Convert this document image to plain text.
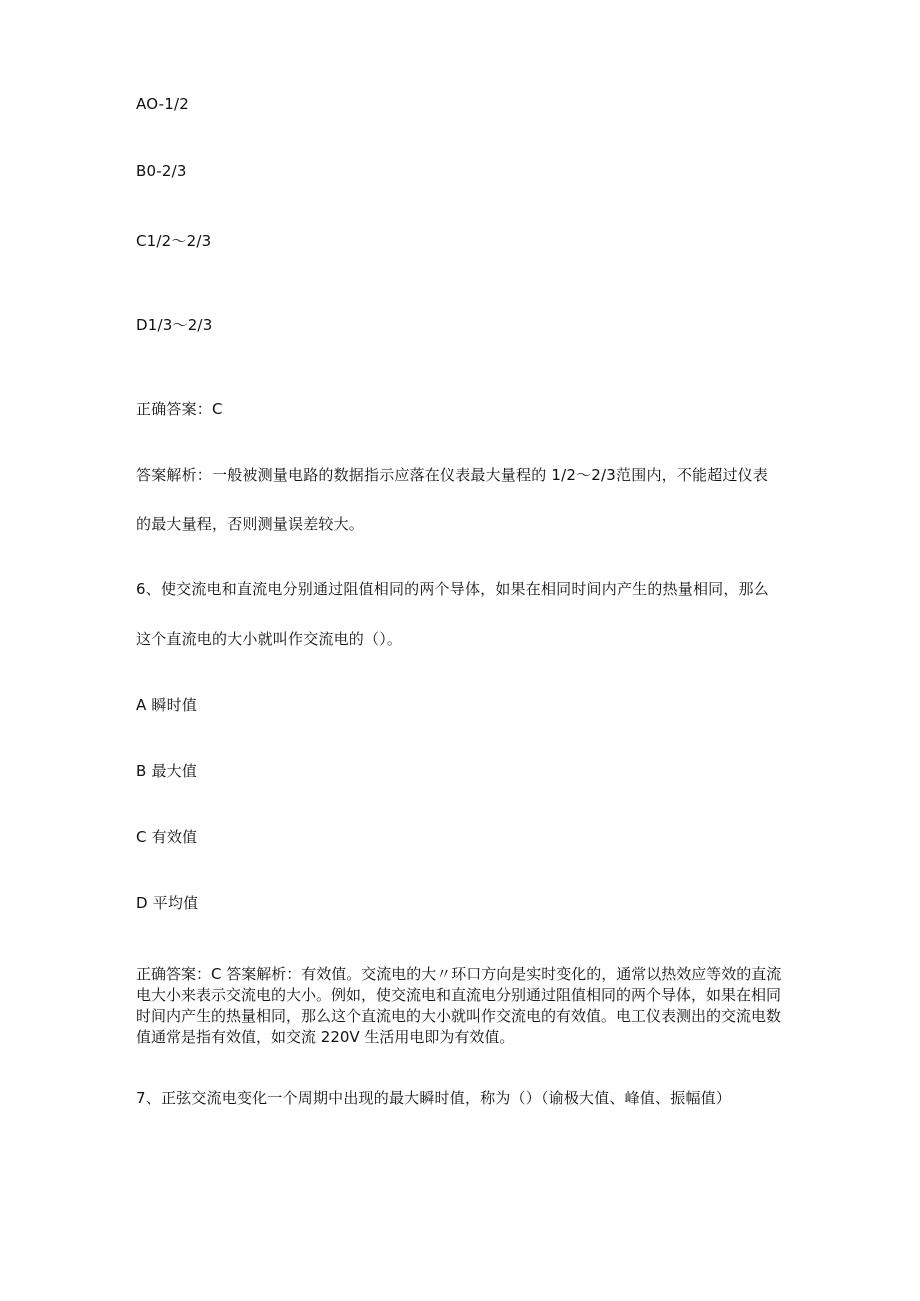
AO-1/2
B0-2/3
C1/2～2/3
D1/3～2/3
正确答案：C
答案解析：一般被测量电路的数据指示应落在仪表最大量程的 1/2～2/3范围内，不能超过仪表
的最大量程，否则测量误差较大。
6、使交流电和直流电分别通过阻值相同的两个导体，如果在相同时间内产生的热量相同，那么
这个直流电的大小就叫作交流电的（）。
A 瞬时值
B 最大值
C 有效值
D 平均值
正确答案：C 答案解析：有效值。交流电的大〃环口方向是实时变化的，通常以热效应等效的直流电大小来表示交流电的大小。例如，使交流电和直流电分别通过阻值相同的两个导体，如果在相同时间内产生的热量相同，那么这个直流电的大小就叫作交流电的有效值。电工仪表测出的交流电数值通常是指有效值，如交流 220V 生活用电即为有效值。
7、正弦交流电变化一个周期中出现的最大瞬时值，称为（）（谕极大值、峰值、振幅值）
